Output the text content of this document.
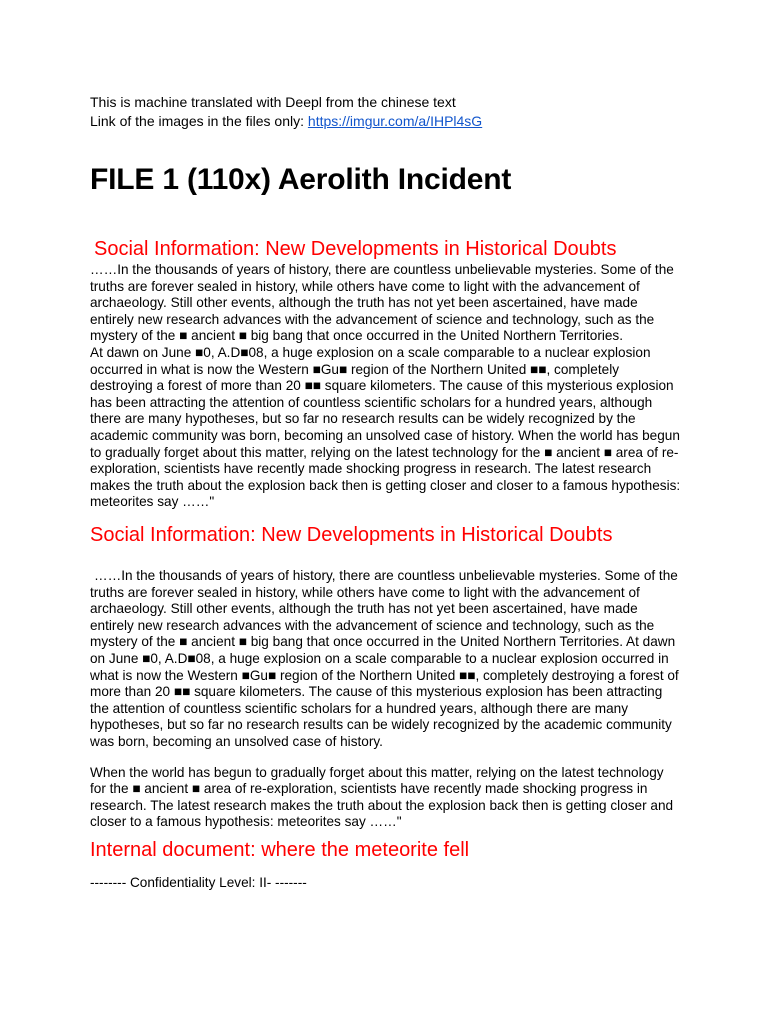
This is machine translated with Deepl from the chinese text
Link of the images in the files only: https://imgur.com/a/IHPl4sG
FILE 1 (110x) Aerolith Incident
Social Information: New Developments in Historical Doubts

……In the thousands of years of history, there are countless unbelievable mysteries. Some of the truths are forever sealed in history, while others have come to light with the advancement of archaeology. Still other events, although the truth has not yet been ascertained, have made entirely new research advances with the advancement of science and technology, such as the mystery of the ■ ancient ■ big bang that once occurred in the United Northern Territories.

At dawn on June ■0, A.D■08, a huge explosion on a scale comparable to a nuclear explosion occurred in what is now the Western ■Gu■ region of the Northern United ■■, completely destroying a forest of more than 20 ■■ square kilometers. The cause of this mysterious explosion has been attracting the attention of countless scientific scholars for a hundred years, although there are many hypotheses, but so far no research results can be widely recognized by the academic community was born, becoming an unsolved case of history. When the world has begun to gradually forget about this matter, relying on the latest technology for the ■ ancient ■ area of re-exploration, scientists have recently made shocking progress in research. The latest research makes the truth about the explosion back then is getting closer and closer to a famous hypothesis: meteorites say ……"

Social Information: New Developments in Historical Doubts

……In the thousands of years of history, there are countless unbelievable mysteries. Some of the truths are forever sealed in history, while others have come to light with the advancement of archaeology. Still other events, although the truth has not yet been ascertained, have made entirely new research advances with the advancement of science and technology, such as the mystery of the ■ ancient ■ big bang that once occurred in the United Northern Territories. At dawn on June ■0, A.D■08, a huge explosion on a scale comparable to a nuclear explosion occurred in what is now the Western ■Gu■ region of the Northern United ■■, completely destroying a forest of more than 20 ■■ square kilometers. The cause of this mysterious explosion has been attracting the attention of countless scientific scholars for a hundred years, although there are many hypotheses, but so far no research results can be widely recognized by the academic community was born, becoming an unsolved case of history.

When the world has begun to gradually forget about this matter, relying on the latest technology for the ■ ancient ■ area of re-exploration, scientists have recently made shocking progress in research. The latest research makes the truth about the explosion back then is getting closer and closer to a famous hypothesis: meteorites say ……"

Internal document: where the meteorite fell

-------- Confidentiality Level: II- -------
